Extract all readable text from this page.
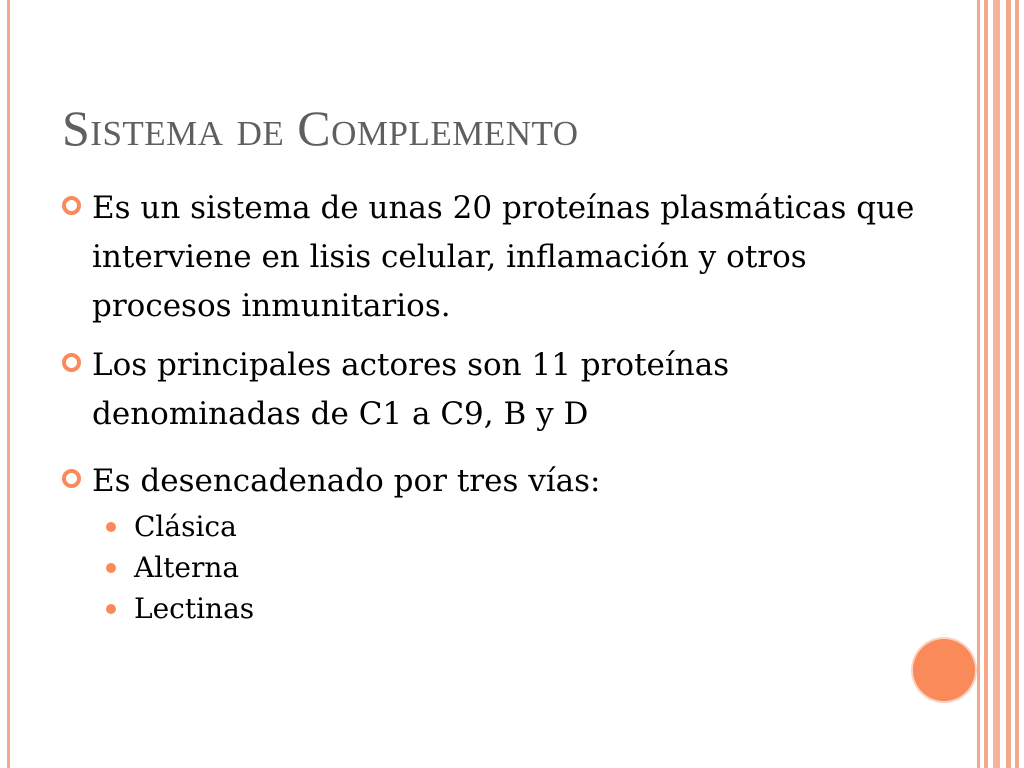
Sistema de Complemento
Es un sistema de unas 20 proteínas plasmáticas que interviene en lisis celular, inflamación y otros procesos inmunitarios.
Los principales actores son 11 proteínas denominadas de C1 a C9, B y D
Es desencadenado por tres vías:
Clásica
Alterna
Lectinas
